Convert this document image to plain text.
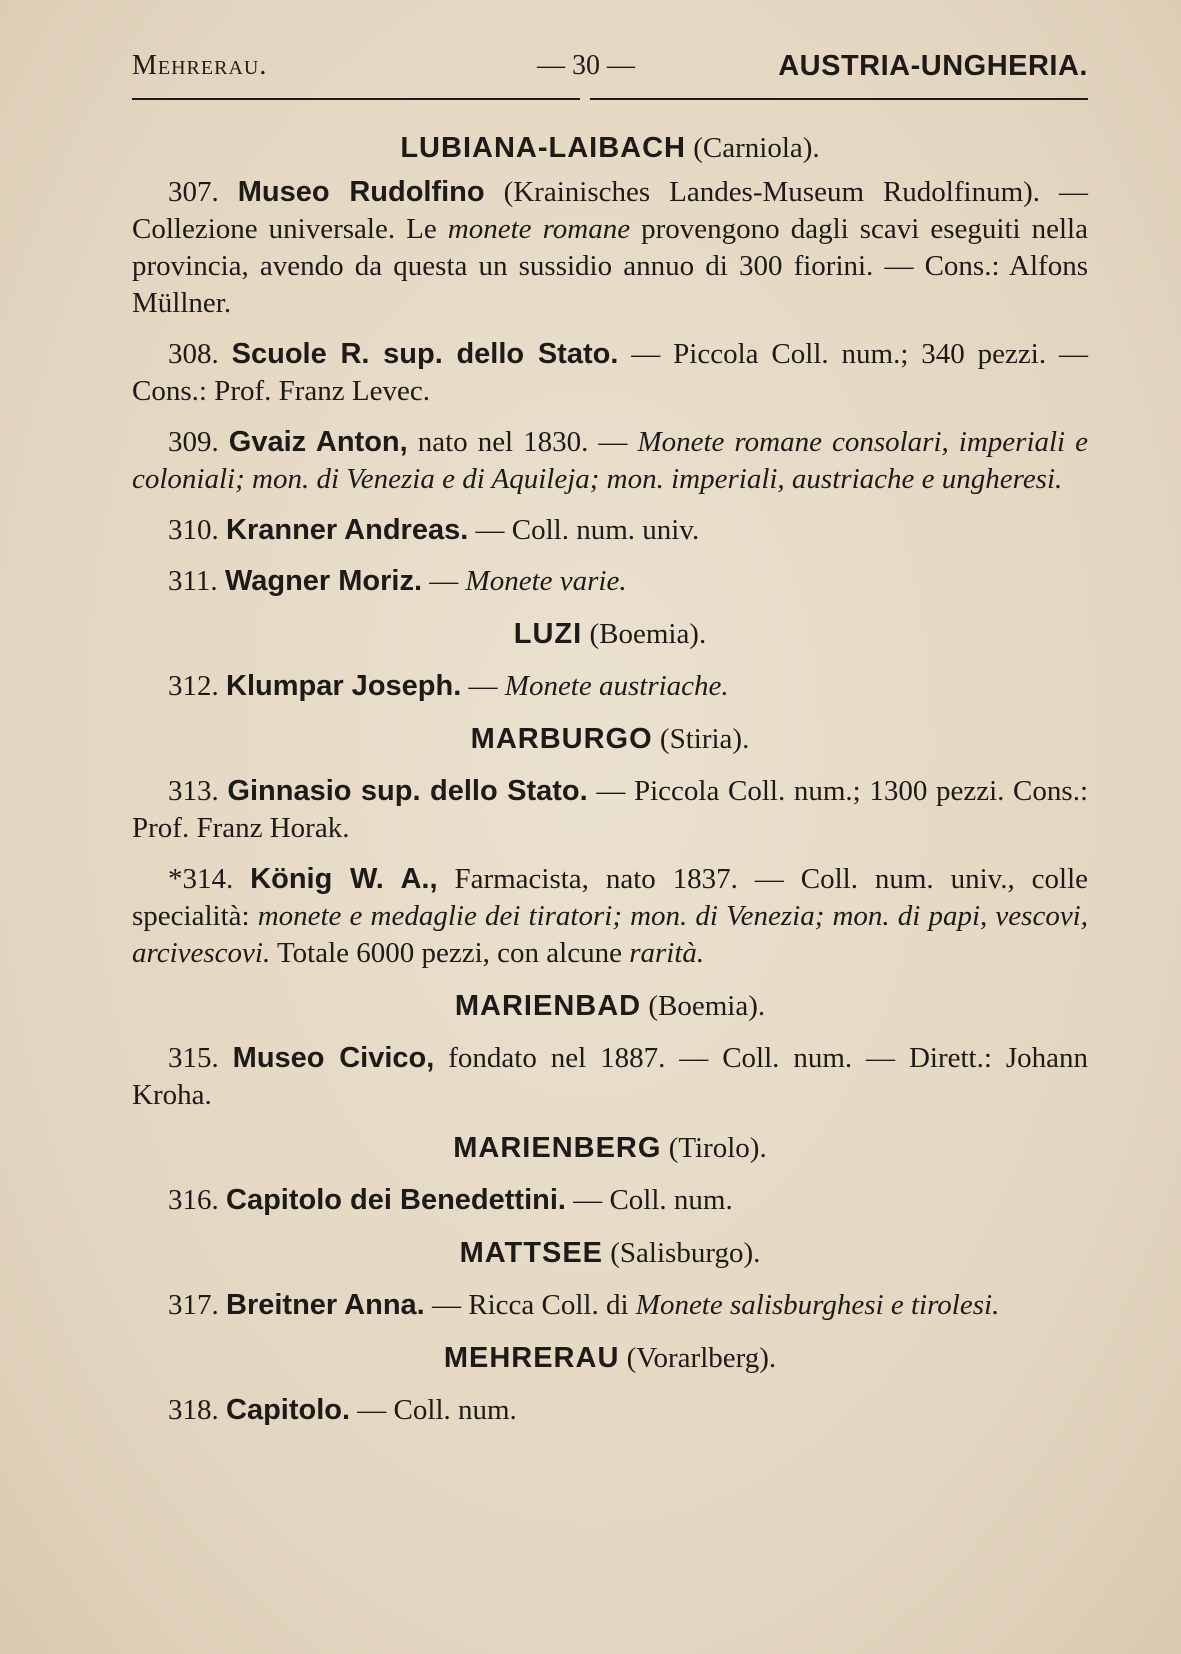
Mehrerau.	— 30 —	AUSTRIA-UNGHERIA.
LUBIANA-LAIBACH (Carniola).

307. Museo Rudolfino (Krainisches Landes-Museum Rudolfinum). — Collezione universale. Le monete romane provengono dagli scavi eseguiti nella provincia, avendo da questa un sussidio annuo di 300 fiorini. — Cons.: Alfons Müllner.

308. Scuole R. sup. dello Stato. — Piccola Coll. num.; 340 pezzi. — Cons.: Prof. Franz Levec.

309. Gvaiz Anton, nato nel 1830. — Monete romane consolari, imperiali e coloniali; mon. di Venezia e di Aquileja; mon. imperiali, austriache e ungheresi.

310. Kranner Andreas. — Coll. num. univ.

311. Wagner Moriz. — Monete varie.

LUZI (Boemia).

312. Klumpar Joseph. — Monete austriache.

MARBURGO (Stiria).

313. Ginnasio sup. dello Stato. — Piccola Coll. num.; 1300 pezzi. Cons.: Prof. Franz Horak.

*314. König W. A., Farmacista, nato 1837. — Coll. num. univ., colle specialità: monete e medaglie dei tiratori; mon. di Venezia; mon. di papi, vescovi, arcivescovi. Totale 6000 pezzi, con alcune rarità.

MARIENBAD (Boemia).

315. Museo Civico, fondato nel 1887. — Coll. num. — Dirett.: Johann Kroha.

MARIENBERG (Tirolo).

316. Capitolo dei Benedettini. — Coll. num.

MATTSEE (Salisburgo).

317. Breitner Anna. — Ricca Coll. di Monete salisburghesi e tirolesi.

MEHRERAU (Vorarlberg).

318. Capitolo. — Coll. num.
